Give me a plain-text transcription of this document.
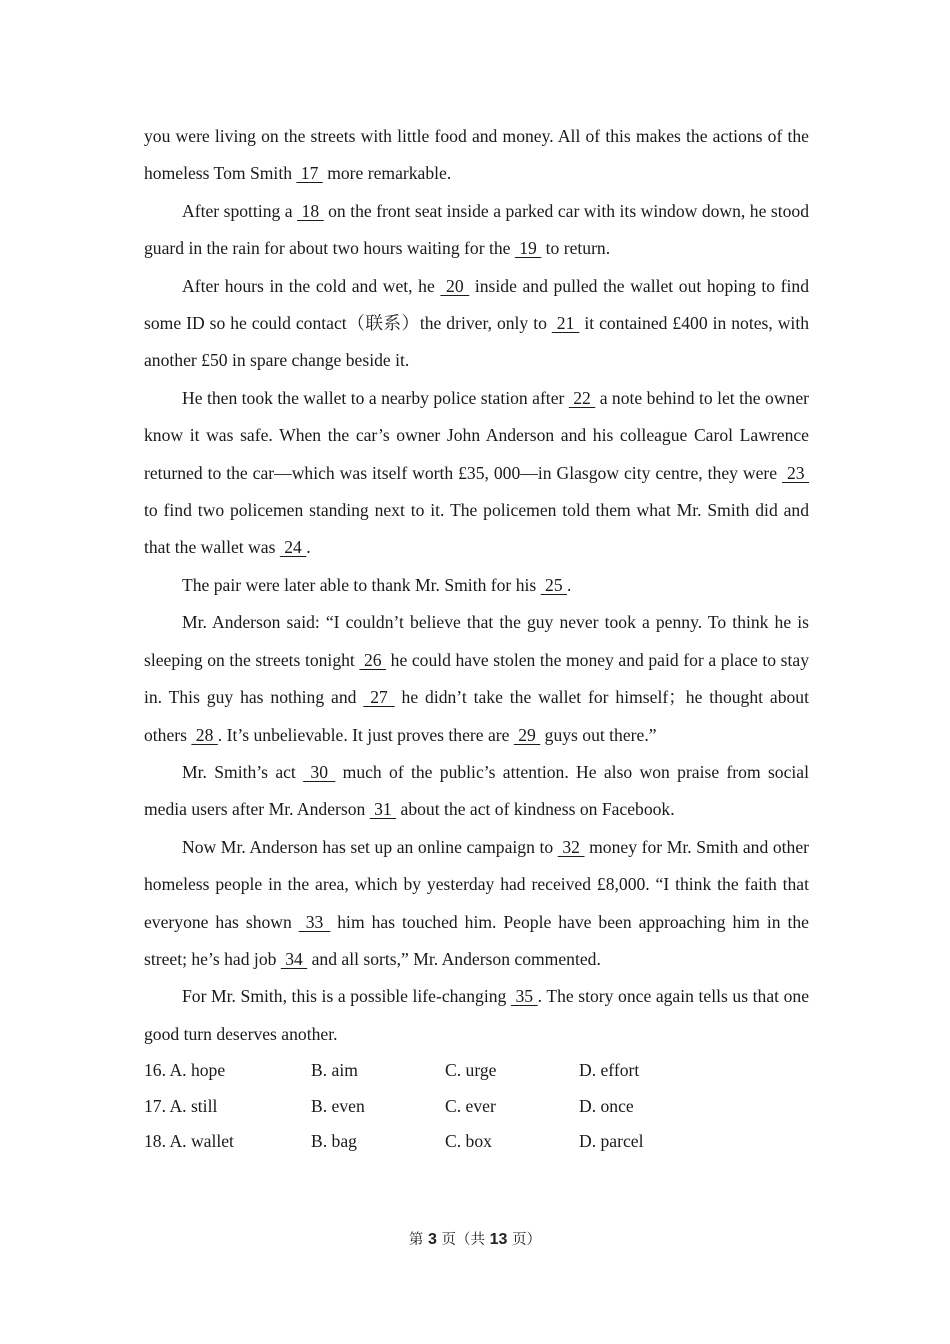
you were living on the streets with little food and money. All of this makes the actions of the homeless Tom Smith  17  more remarkable.

After spotting a  18  on the front seat inside a parked car with its window down, he stood guard in the rain for about two hours waiting for the  19  to return.

After hours in the cold and wet, he  20  inside and pulled the wallet out hoping to find some ID so he could contact（联系）the driver, only to  21  it contained £400 in notes, with another £50 in spare change beside it.

He then took the wallet to a nearby police station after  22  a note behind to let the owner know it was safe. When the car’s owner John Anderson and his colleague Carol Lawrence returned to the car—which was itself worth £35, 000—in Glasgow city centre, they were  23  to find two policemen standing next to it. The policemen told them what Mr. Smith did and that the wallet was  24 .

The pair were later able to thank Mr. Smith for his  25 .

Mr. Anderson said: “I couldn’t believe that the guy never took a penny. To think he is sleeping on the streets tonight  26  he could have stolen the money and paid for a place to stay in. This guy has nothing and  27  he didn’t take the wallet for himself；he thought about others  28 . It’s unbelievable. It just proves there are  29  guys out there.”

Mr. Smith’s act  30  much of the public’s attention. He also won praise from social media users after Mr. Anderson  31  about the act of kindness on Facebook.

Now Mr. Anderson has set up an online campaign to  32  money for Mr. Smith and other homeless people in the area, which by yesterday had received £8,000. “I think the faith that everyone has shown  33  him has touched him. People have been approaching him in the street; he’s had job  34  and all sorts,” Mr. Anderson commented.

For Mr. Smith, this is a possible life-changing  35 . The story once again tells us that one good turn deserves another.

16. A. hope	B. aim	C. urge	D. effort
17. A. still	B. even	C. ever	D. once
18. A. wallet	B. bag	C. box	D. parcel
第 3 页（共 13 页）
